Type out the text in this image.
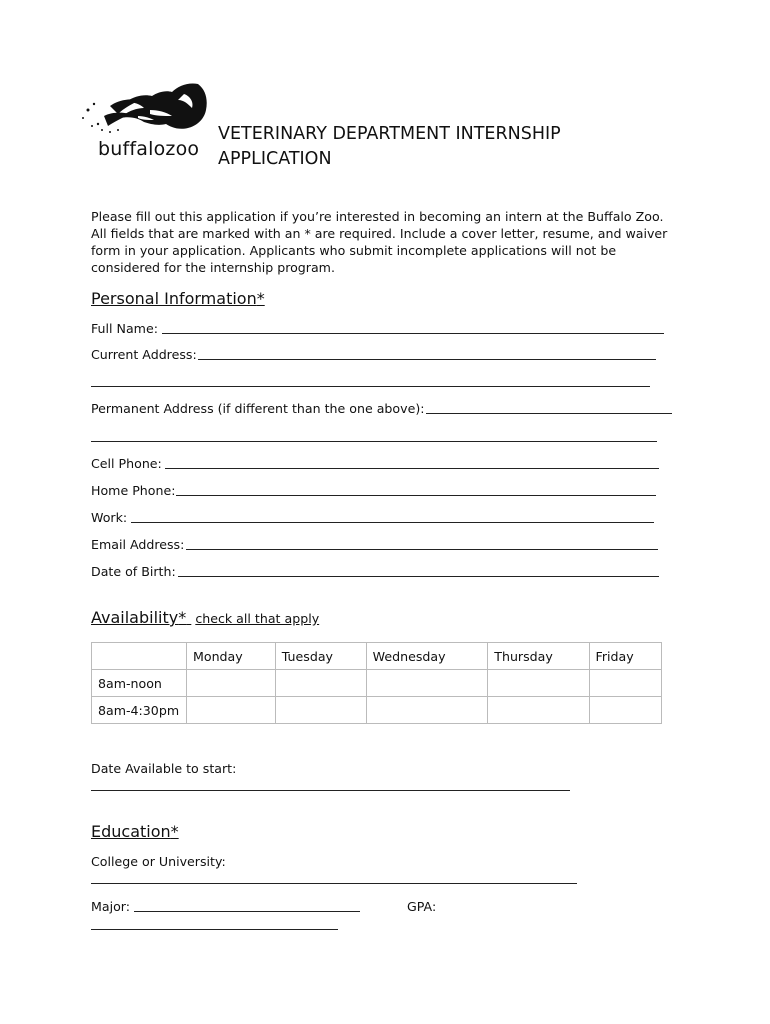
buffalozoo
VETERINARY DEPARTMENT INTERNSHIP
APPLICATION
Please fill out this application if you’re interested in becoming an intern at the Buffalo Zoo.
All fields that are marked with an * are required. Include a cover letter, resume, and waiver
form in your application. Applicants who submit incomplete applications will not be
considered for the internship program.
Personal Information*
Full Name:
Current Address:
Permanent Address (if different than the one above):
Cell Phone:
Home Phone:
Work:
Email Address:
Date of Birth:
Availability* check all that apply
	Monday	Tuesday	Wednesday	Thursday	Friday
8am-noon					
8am-4:30pm					
Date Available to start:
Education*
College or University:
Major:	GPA:
